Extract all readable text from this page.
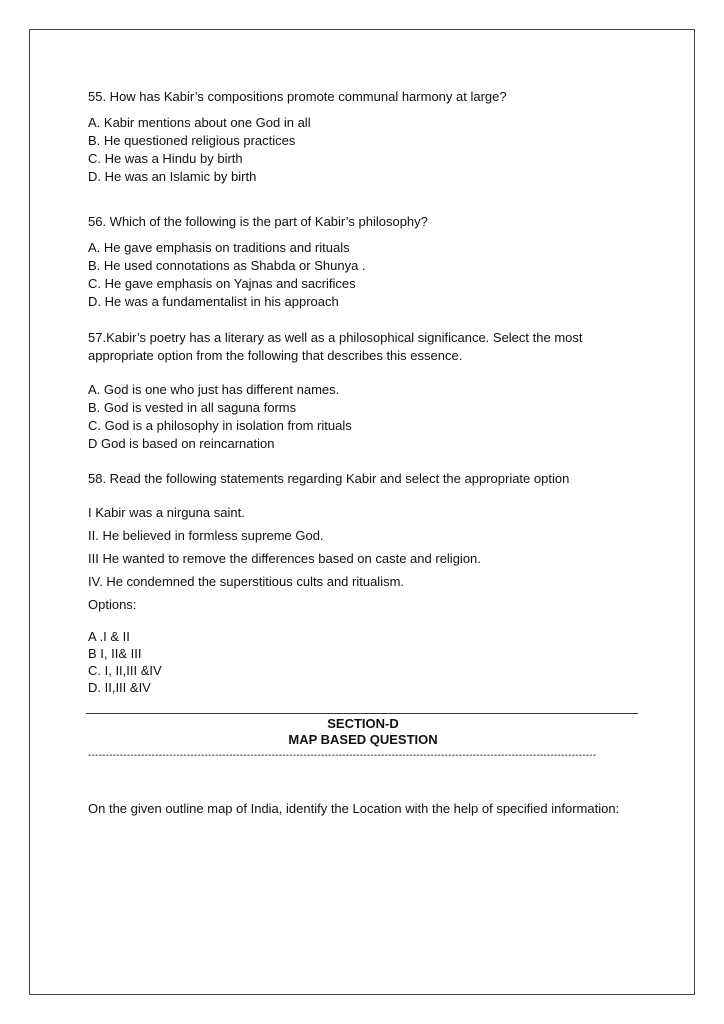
55. How has Kabir’s compositions promote communal harmony at large?
A. Kabir mentions about one God in all
B. He questioned religious practices
C. He was a Hindu by birth
D. He was an Islamic by birth
56. Which of the following is the part of Kabir’s philosophy?
A. He gave emphasis on traditions and rituals
B. He used connotations as Shabda or Shunya .
C. He gave emphasis on Yajnas and sacrifices
D. He was a fundamentalist in his approach
57.Kabir’s poetry has a literary as well as a philosophical significance. Select the most
appropriate option from the following that describes this essence.
A. God is one who just has different names.
B. God is vested in all saguna forms
C. God is a philosophy in isolation from rituals
D God is based on reincarnation
58. Read the following statements regarding Kabir and select the appropriate option
I Kabir was a nirguna saint.
II. He believed in formless supreme God.
III He wanted to remove the differences based on caste and religion.
IV. He condemned the superstitious cults and ritualism.
Options:
A .I & II
B I, II& III
C. I, II,III &IV
D. II,III &IV
SECTION-D
MAP BASED QUESTION
------------------------------------------------------------------------------------------------------------------------------------------------
On the given outline map of India, identify the Location with the help of specified information:
